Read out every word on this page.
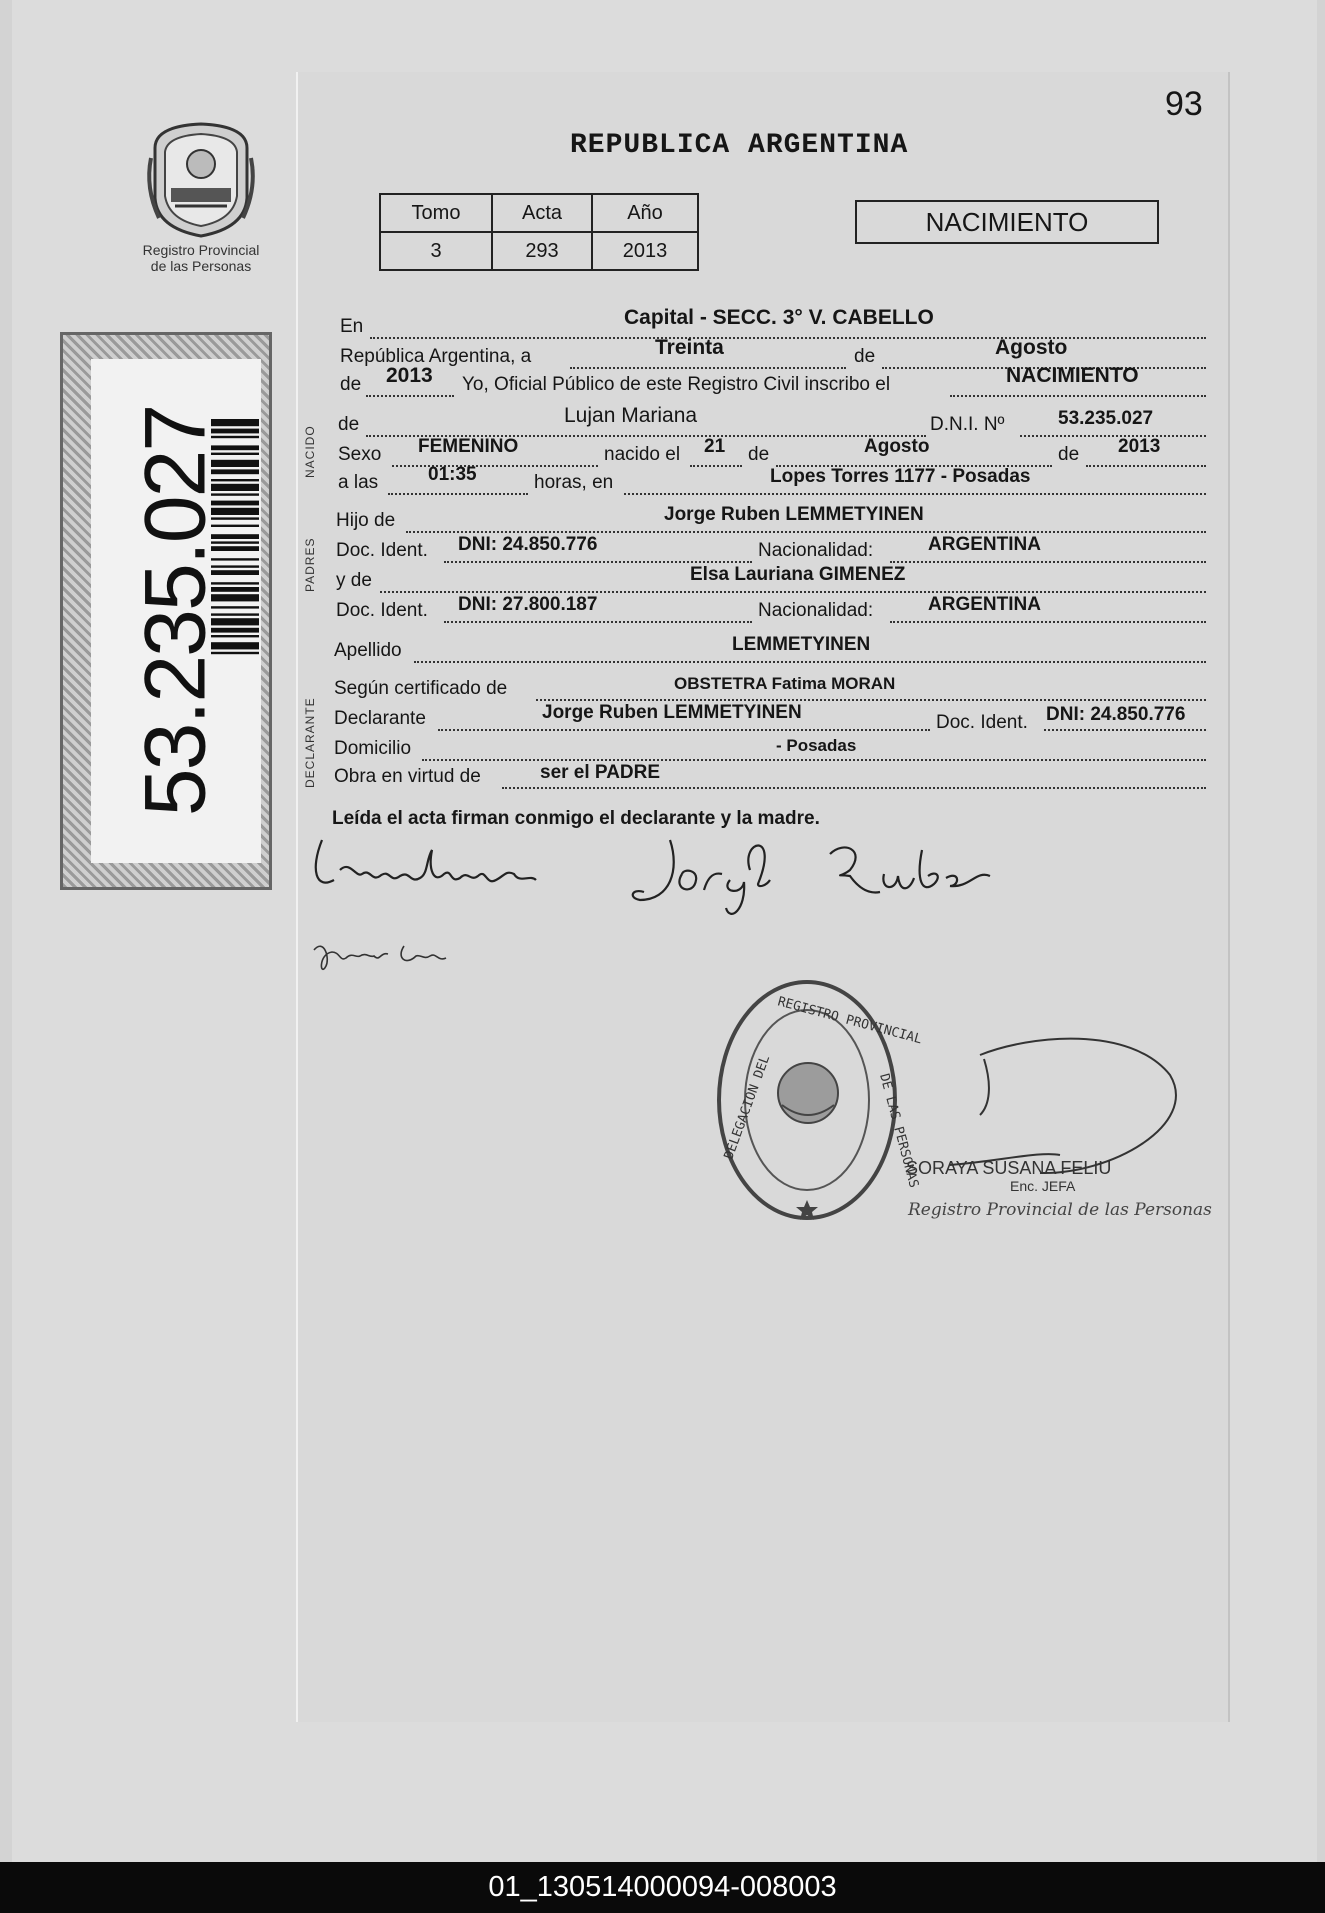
Registro Provincial
de las Personas
53.235.027
93
REPUBLICA ARGENTINA
Tomo	Acta	Año
3	293	2013
NACIMIENTO
NACIDO
PADRES
DECLARANTE
En	Capital - SECC. 3° V. CABELLO
República Argentina, a	Treinta	de	Agosto
de 2013 Yo, Oficial Público de este Registro Civil inscribo el	NACIMIENTO
de	Lujan Mariana	D.N.I. Nº	53.235.027
Sexo FEMENINO	nacido el 21 de	Agosto	de 2013
a las	01:35	horas, en	Lopes Torres 1177 - Posadas
Hijo de	Jorge Ruben LEMMETYINEN
Doc. Ident. DNI: 24.850.776	Nacionalidad:	ARGENTINA
y de	Elsa Lauriana GIMENEZ
Doc. Ident. DNI: 27.800.187	Nacionalidad:	ARGENTINA
Apellido	LEMMETYINEN
Según certificado de	OBSTETRA Fatima MORAN
Declarante	Jorge Ruben LEMMETYINEN	Doc. Ident. DNI: 24.850.776
Domicilio	- Posadas
Obra en virtud de	ser el PADRE
Leída el acta firman conmigo el declarante y la madre.
DELEGACION DEL
REGISTRO PROVINCIAL
DE LAS PERSONAS
SORAYA SUSANA FELIU
Enc. JEFA
Registro Provincial de las Personas
01_130514000094-008003
